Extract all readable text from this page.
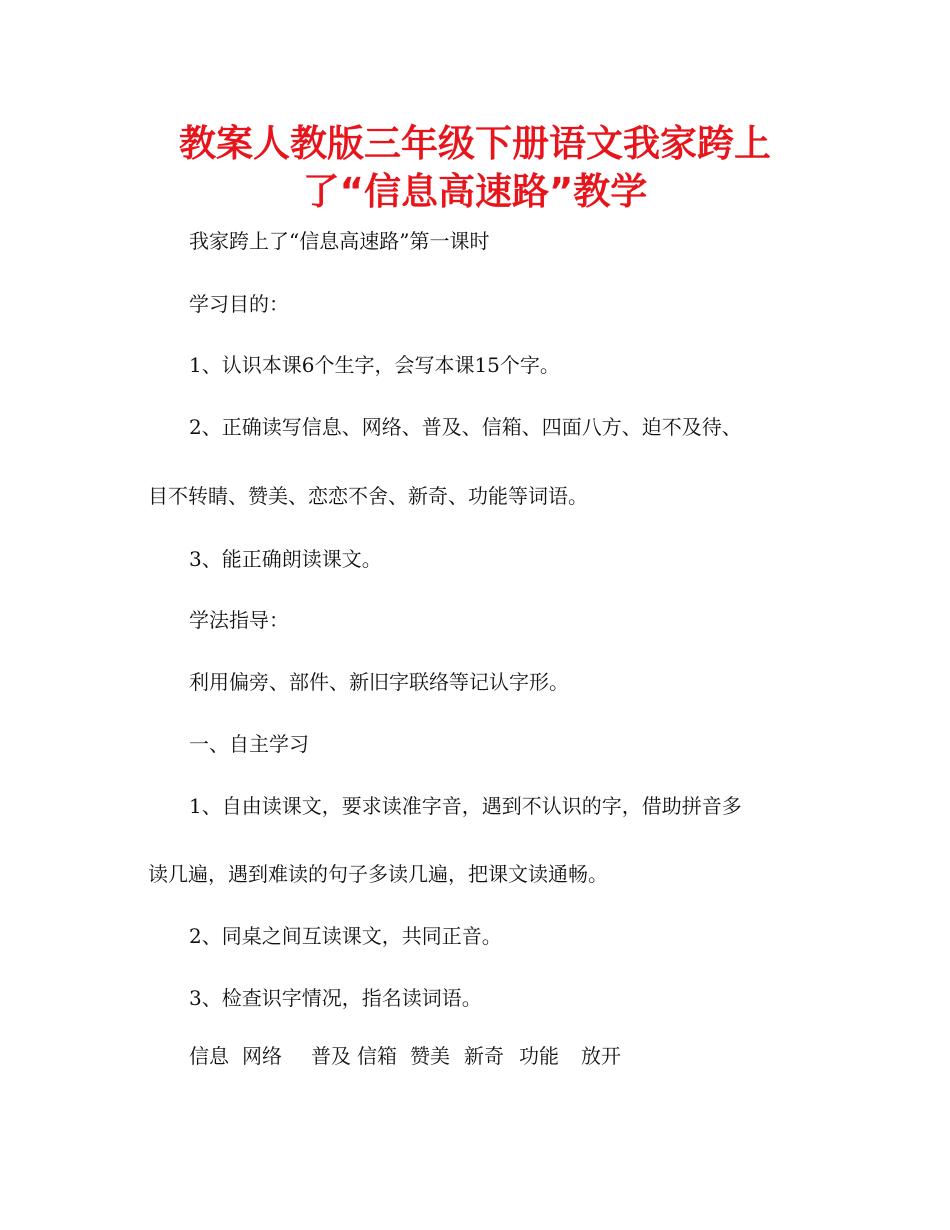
教案人教版三年级下册语文我家跨上
了“信息高速路”教学
我家跨上了“信息高速路”第一课时
学习目的：
1、认识本课6个生字，会写本课15个字。
2、正确读写信息、网络、普及、信箱、四面八方、迫不及待、
目不转睛、赞美、恋恋不舍、新奇、功能等词语。
3、能正确朗读课文。
学法指导：
利用偏旁、部件、新旧字联络等记认字形。
一、自主学习
1、自由读课文，要求读准字音，遇到不认识的字，借助拼音多
读几遍，遇到难读的句子多读几遍，把课文读通畅。
2、同桌之间互读课文，共同正音。
3、检查识字情况，指名读词语。
信息 网络 普及 信箱 赞美 新奇 功能 放开
